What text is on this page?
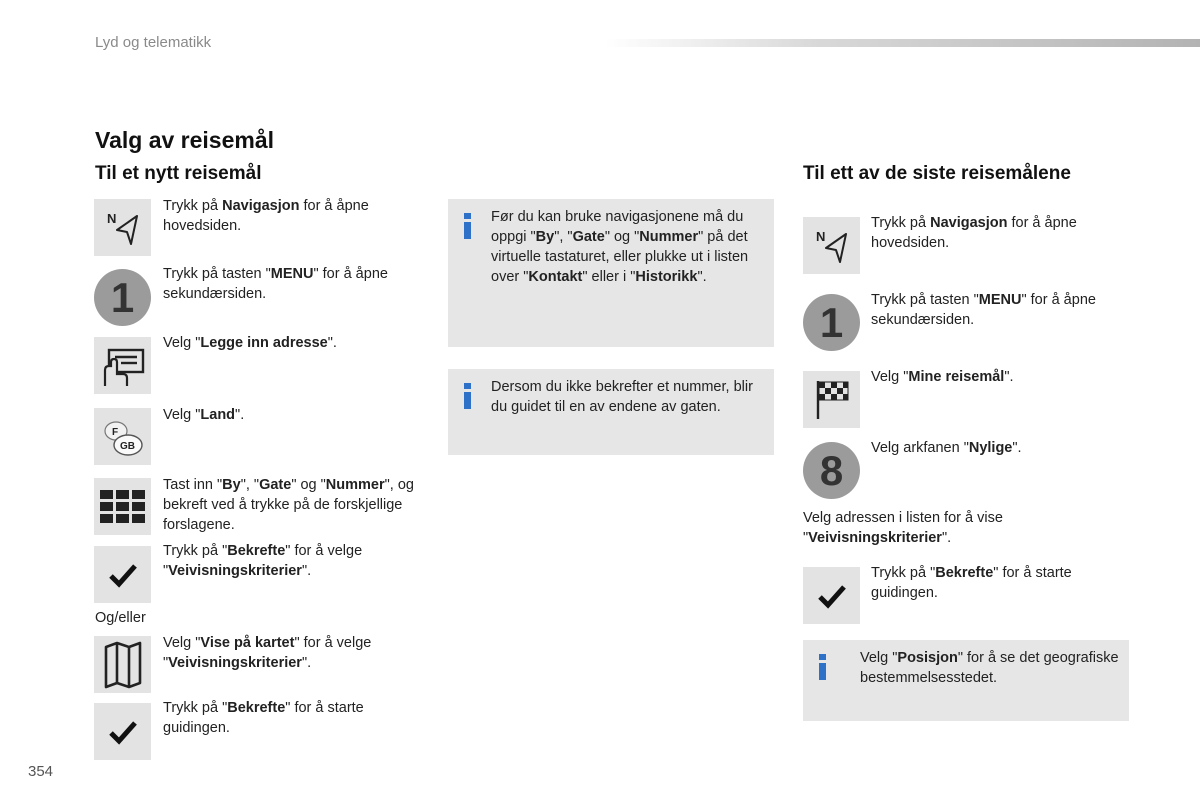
Lyd og telematikk
Valg av reisemål
Til et nytt reisemål
N
Trykk på Navigasjon for å åpne hovedsiden.
1	Trykk på tasten "MENU" for å åpne sekundærsiden.
Velg "Legge inn adresse".
F
GB
Velg "Land".
Tast inn "By", "Gate" og "Nummer", og bekreft ved å trykke på de forskjellige forslagene.
Trykk på "Bekrefte" for å velge "Veivisningskriterier".
Og/eller
Velg "Vise på kartet" for å velge "Veivisningskriterier".
Trykk på "Bekrefte" for å starte guidingen.
Før du kan bruke navigasjonene må du oppgi "By", "Gate" og "Nummer" på det virtuelle tastaturet, eller plukke ut i listen over "Kontakt" eller i "Historikk".
Dersom du ikke bekrefter et nummer, blir du guidet til en av endene av gaten.
Til ett av de siste reisemålene
N
Trykk på Navigasjon for å åpne hovedsiden.
1	Trykk på tasten "MENU" for å åpne sekundærsiden.
Velg "Mine reisemål".
8	Velg arkfanen "Nylige".
Velg adressen i listen for å vise "Veivisningskriterier".
Trykk på "Bekrefte" for å starte guidingen.
Velg "Posisjon" for å se det geografiske bestemmelsesstedet.
354
